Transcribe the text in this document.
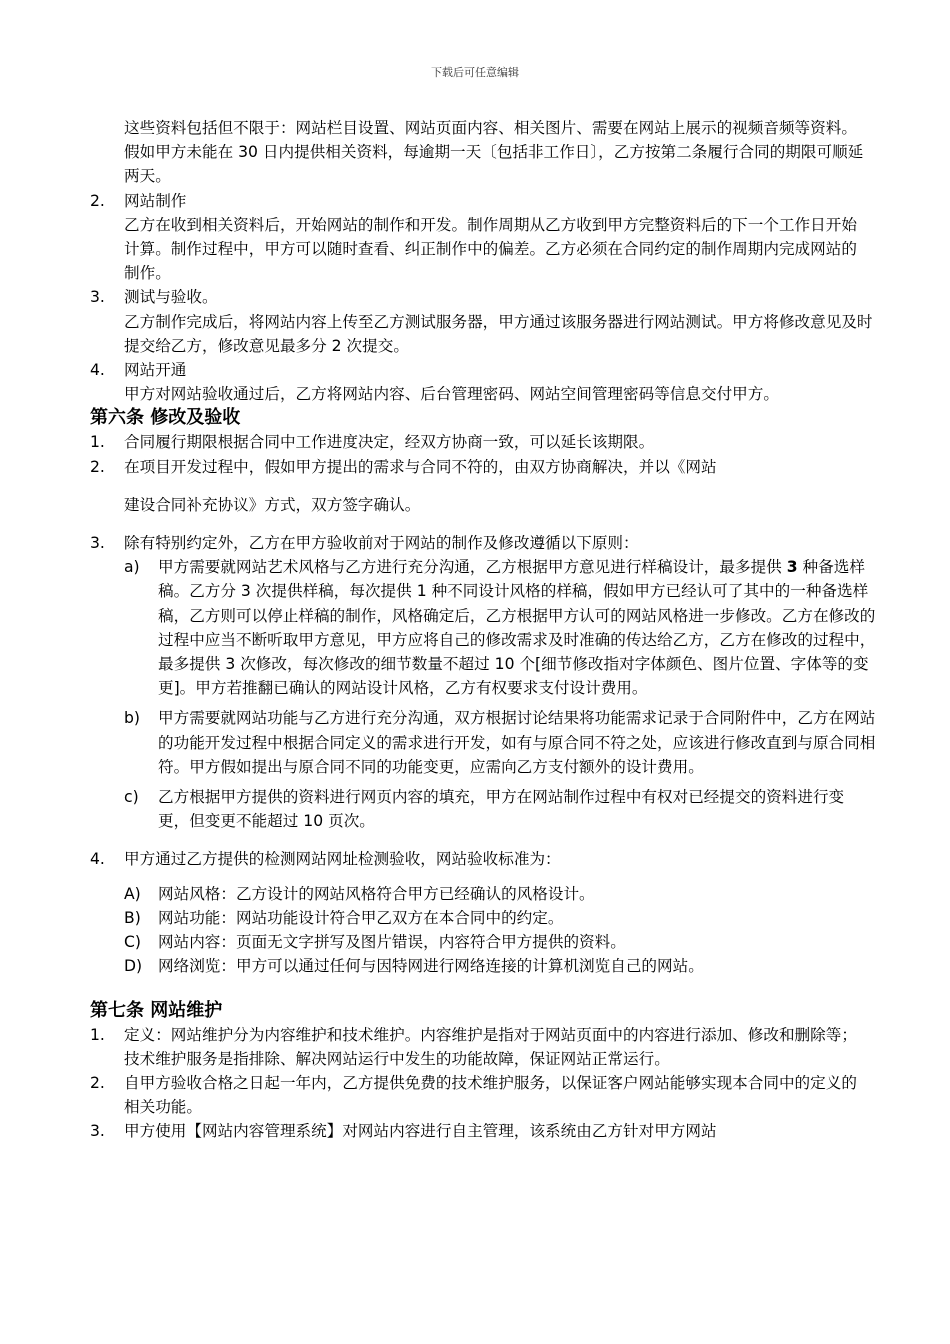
下载后可任意编辑

这些资料包括但不限于：网站栏目设置、网站页面内容、相关图片、需要在网站上展示的视频音频等资料。假如甲方未能在 30 日内提供相关资料，每逾期一天〔包括非工作日〕，乙方按第二条履行合同的期限可顺延两天。

2.	网站制作

乙方在收到相关资料后，开始网站的制作和开发。制作周期从乙方收到甲方完整资料后的下一个工作日开始计算。制作过程中，甲方可以随时查看、纠正制作中的偏差。乙方必须在合同约定的制作周期内完成网站的制作。

3.	测试与验收。

乙方制作完成后，将网站内容上传至乙方测试服务器，甲方通过该服务器进行网站测试。甲方将修改意见及时提交给乙方，修改意见最多分 2 次提交。

4.	网站开通

甲方对网站验收通过后，乙方将网站内容、后台管理密码、网站空间管理密码等信息交付甲方。

第六条 修改及验收
1.	合同履行期限根据合同中工作进度决定，经双方协商一致，可以延长该期限。
2.	在项目开发过程中，假如甲方提出的需求与合同不符的，由双方协商解决，并以《网站

建设合同补充协议》方式，双方签字确认。

3.	除有特别约定外，乙方在甲方验收前对于网站的制作及修改遵循以下原则：
a)	甲方需要就网站艺术风格与乙方进行充分沟通，乙方根据甲方意见进行样稿设计，最多提供 3 种备选样稿。乙方分 3 次提供样稿，每次提供 1 种不同设计风格的样稿，假如甲方已经认可了其中的一种备选样稿，乙方则可以停止样稿的制作，风格确定后，乙方根据甲方认可的网站风格进一步修改。乙方在修改的过程中应当不断听取甲方意见，甲方应将自己的修改需求及时准确的传达给乙方，乙方在修改的过程中，最多提供 3 次修改，每次修改的细节数量不超过 10 个[细节修改指对字体颜色、图片位置、字体等的变更]。甲方若推翻已确认的网站设计风格，乙方有权要求支付设计费用。
b)	甲方需要就网站功能与乙方进行充分沟通，双方根据讨论结果将功能需求记录于合同附件中，乙方在网站的功能开发过程中根据合同定义的需求进行开发，如有与原合同不符之处，应该进行修改直到与原合同相符。甲方假如提出与原合同不同的功能变更，应需向乙方支付额外的设计费用。
c)	乙方根据甲方提供的资料进行网页内容的填充，甲方在网站制作过程中有权对已经提交的资料进行变更，但变更不能超过 10 页次。
4.	甲方通过乙方提供的检测网站网址检测验收，网站验收标准为：
A)	网站风格：乙方设计的网站风格符合甲方已经确认的风格设计。
B)	网站功能：网站功能设计符合甲乙双方在本合同中的约定。
C)	网站内容：页面无文字拼写及图片错误，内容符合甲方提供的资料。
D)	网络浏览：甲方可以通过任何与因特网进行网络连接的计算机浏览自己的网站。
第七条 网站维护
1.	定义：网站维护分为内容维护和技术维护。内容维护是指对于网站页面中的内容进行添加、修改和删除等；技术维护服务是指排除、解决网站运行中发生的功能故障，保证网站正常运行。
2.	自甲方验收合格之日起一年内，乙方提供免费的技术维护服务，以保证客户网站能够实现本合同中的定义的相关功能。
3.	甲方使用【网站内容管理系统】对网站内容进行自主管理，该系统由乙方针对甲方网站
